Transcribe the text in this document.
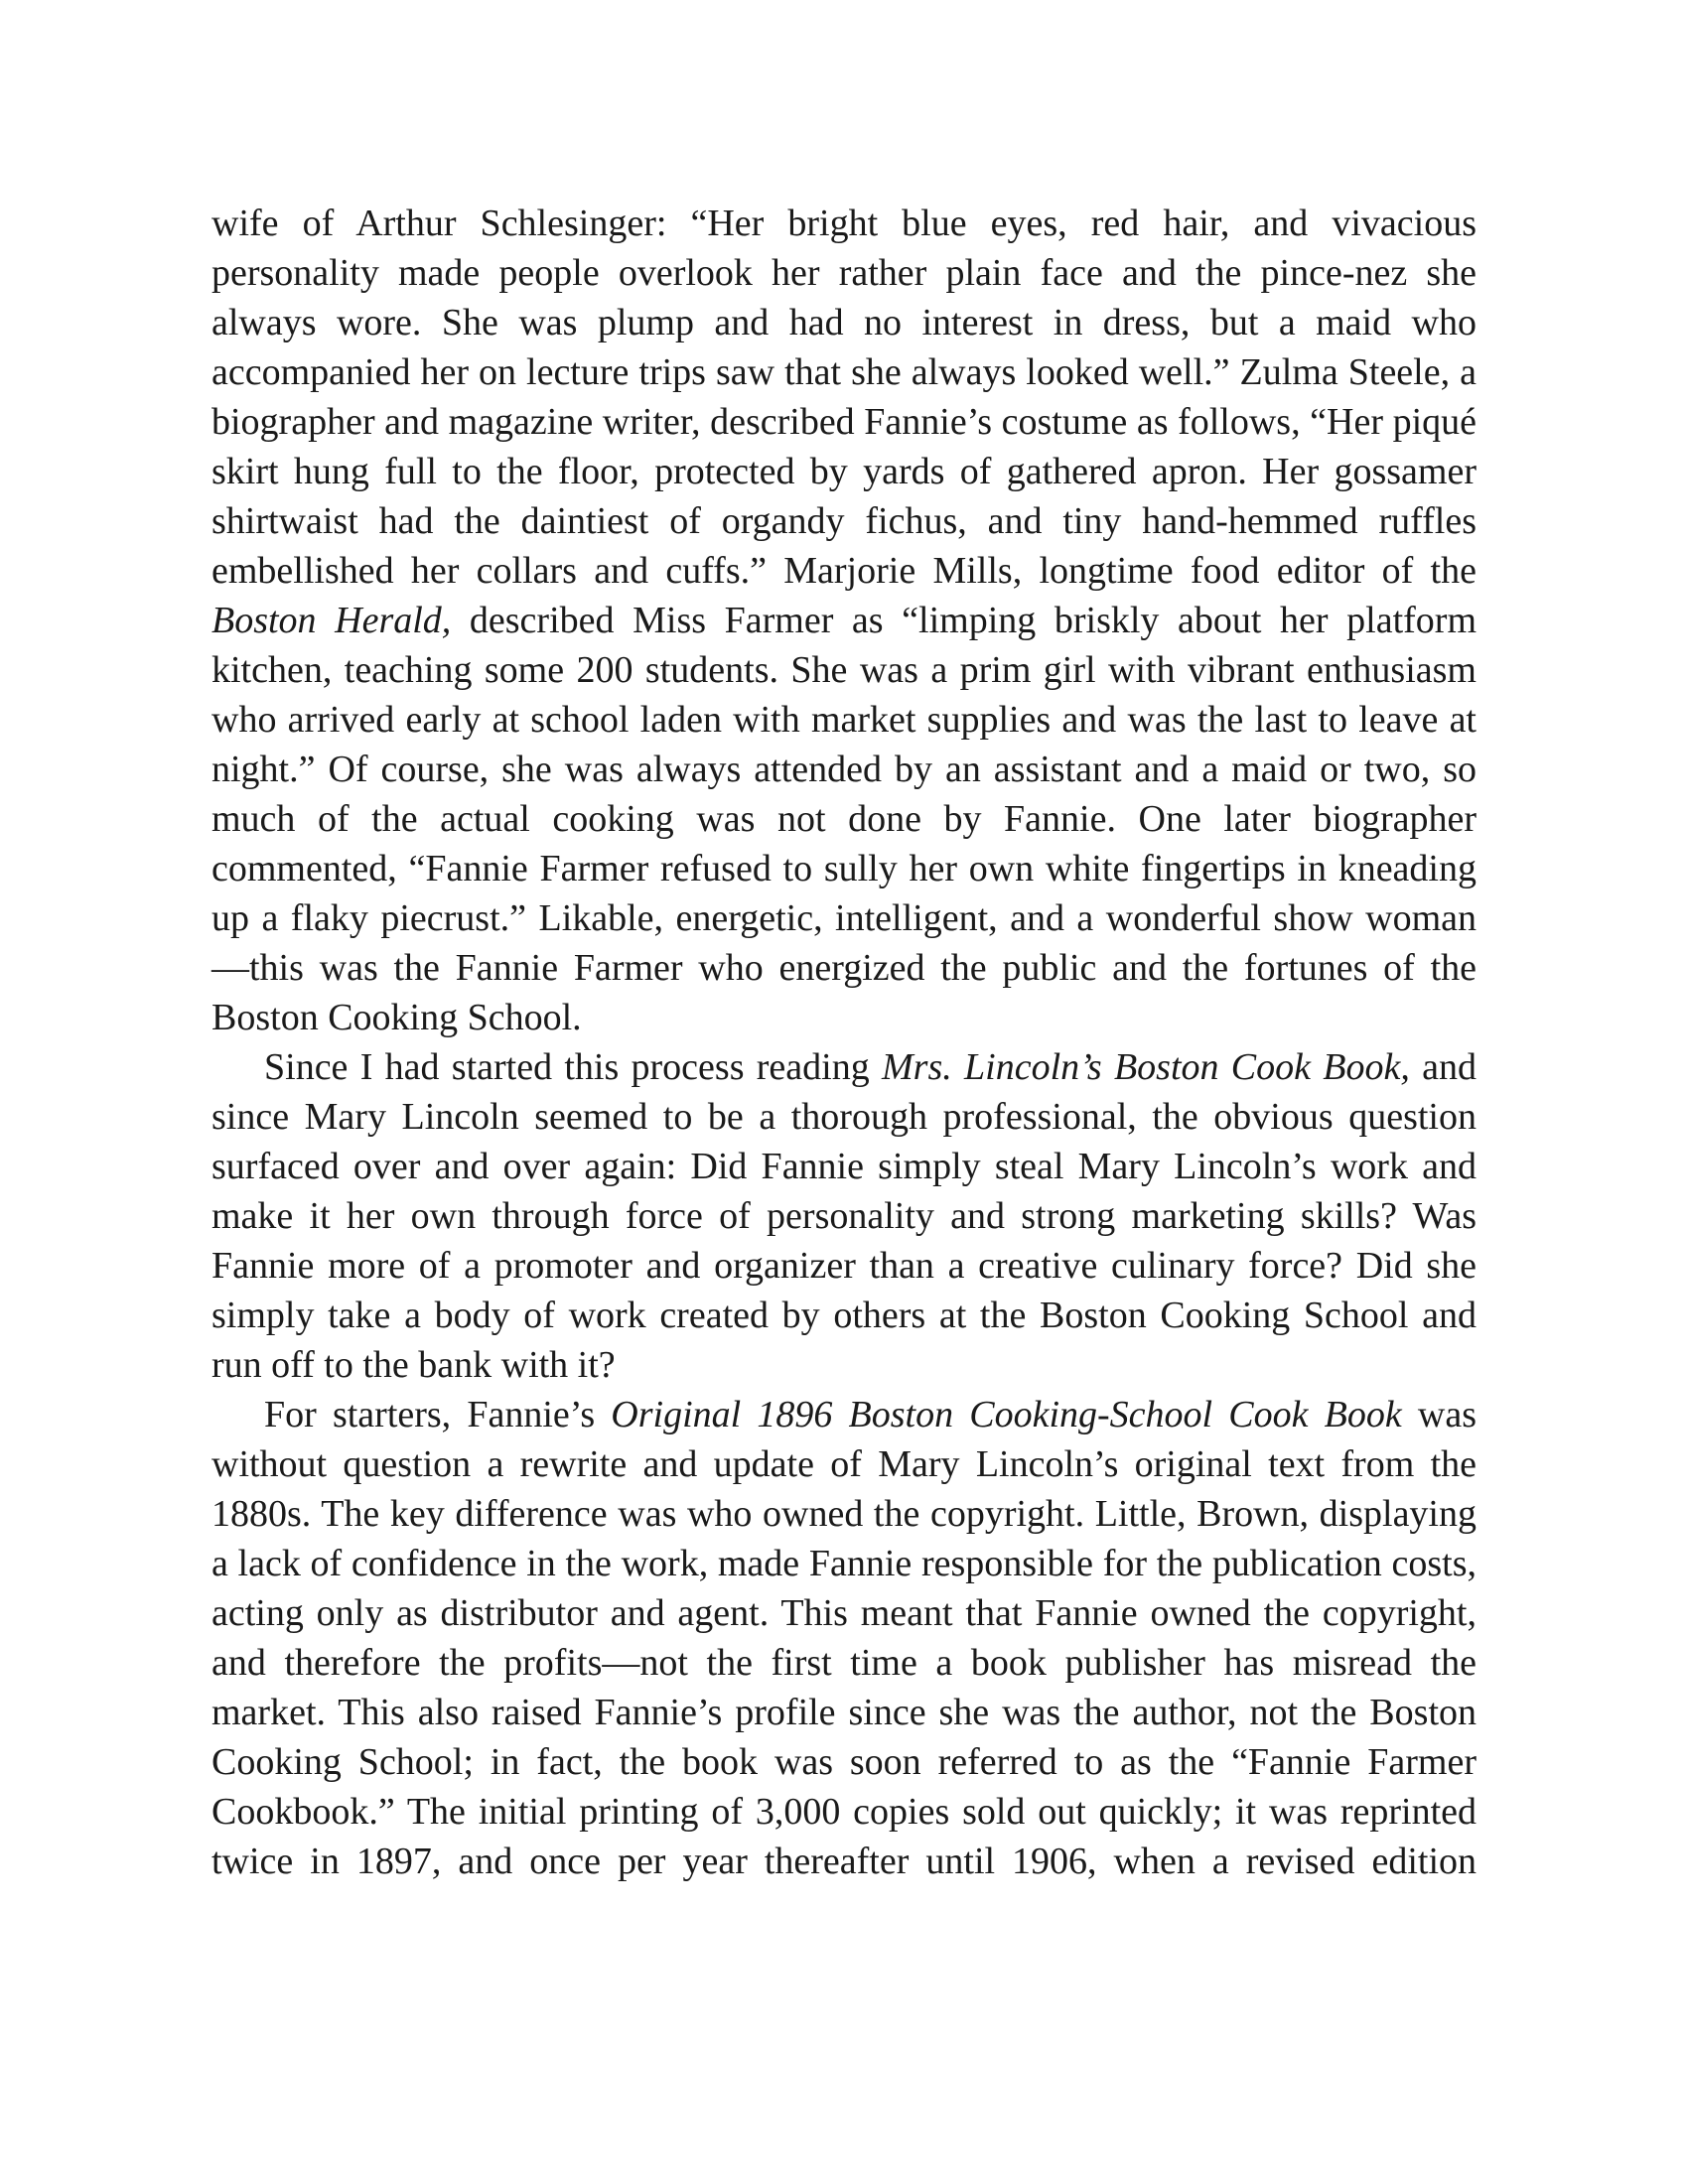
wife of Arthur Schlesinger: “Her bright blue eyes, red hair, and vivacious personality made people overlook her rather plain face and the pince-nez she always wore. She was plump and had no interest in dress, but a maid who accompanied her on lecture trips saw that she always looked well.” Zulma Steele, a biographer and magazine writer, described Fannie’s costume as follows, “Her piqué skirt hung full to the floor, protected by yards of gathered apron. Her gossamer shirtwaist had the daintiest of organdy fichus, and tiny hand-hemmed ruffles embellished her collars and cuffs.” Marjorie Mills, longtime food editor of the Boston Herald, described Miss Farmer as “limping briskly about her platform kitchen, teaching some 200 students. She was a prim girl with vibrant enthusiasm who arrived early at school laden with market supplies and was the last to leave at night.” Of course, she was always attended by an assistant and a maid or two, so much of the actual cooking was not done by Fannie. One later biographer commented, “Fannie Farmer refused to sully her own white fingertips in kneading up a flaky piecrust.” Likable, energetic, intelligent, and a wonderful show woman—this was the Fannie Farmer who energized the public and the fortunes of the Boston Cooking School.

Since I had started this process reading Mrs. Lincoln’s Boston Cook Book, and since Mary Lincoln seemed to be a thorough professional, the obvious question surfaced over and over again: Did Fannie simply steal Mary Lincoln’s work and make it her own through force of personality and strong marketing skills? Was Fannie more of a promoter and organizer than a creative culinary force? Did she simply take a body of work created by others at the Boston Cooking School and run off to the bank with it?

For starters, Fannie’s Original 1896 Boston Cooking-School Cook Book was without question a rewrite and update of Mary Lincoln’s original text from the 1880s. The key difference was who owned the copyright. Little, Brown, displaying a lack of confidence in the work, made Fannie responsible for the publication costs, acting only as distributor and agent. This meant that Fannie owned the copyright, and therefore the profits—not the first time a book publisher has misread the market. This also raised Fannie’s profile since she was the author, not the Boston Cooking School; in fact, the book was soon referred to as the “Fannie Farmer Cookbook.” The initial printing of 3,000 copies sold out quickly; it was reprinted twice in 1897, and once per year thereafter until 1906, when a revised edition
